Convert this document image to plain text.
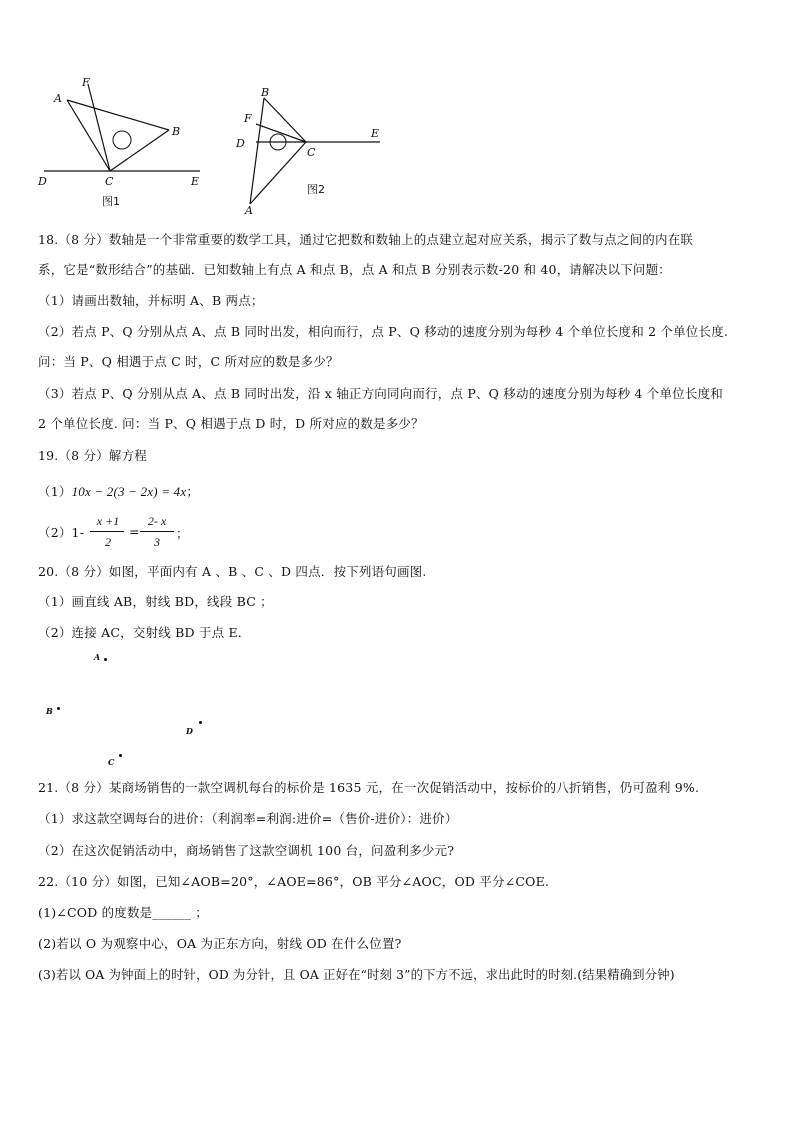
A
F
B
D	C	E
图1
B
F
D
C
E
A
图2
18.（8 分）数轴是一个非常重要的数学工具，通过它把数和数轴上的点建立起对应关系，揭示了数与点之间的内在联
系，它是“数形结合”的基础．已知数轴上有点 A 和点 B，点 A 和点 B 分别表示数-20 和 40，请解决以下问题：
（1）请画出数轴，并标明 A、B 两点；
（2）若点 P、Q 分别从点 A、点 B 同时出发，相向而行，点 P、Q 移动的速度分别为每秒 4 个单位长度和 2 个单位长度.
问：当 P、Q 相遇于点 C 时，C 所对应的数是多少？
（3）若点 P、Q 分别从点 A、点 B 同时出发，沿 x 轴正方向同向而行，点 P、Q 移动的速度分别为每秒 4 个单位长度和
2 个单位长度. 问：当 P、Q 相遇于点 D 时，D 所对应的数是多少？
19.（8 分）解方程
（1）10x − 2(3 − 2x) = 4x；
（2）1-
x +1
2
=
2- x
3
；
20.（8 分）如图，平面内有 A 、B 、C 、D 四点．按下列语句画图.
（1）画直线 AB，射线 BD，线段 BC ；
（2）连接 AC，交射线 BD 于点 E．
A
B
D
C
21.（8 分）某商场销售的一款空调机每台的标价是 1635 元，在一次促销活动中，按标价的八折销售，仍可盈利 9%.
（1）求这款空调每台的进价：（利润率=利润:进价=（售价-进价）：进价）
（2）在这次促销活动中，商场销售了这款空调机 100 台，问盈利多少元?
22.（10 分）如图，已知∠AOB=20°，∠AOE=86°，OB 平分∠AOC，OD 平分∠COE.
(1)∠COD 的度数是______ ；
(2)若以 O 为观察中心，OA 为正东方向，射线 OD 在什么位置?
(3)若以 OA 为钟面上的时针，OD 为分针，且 OA 正好在“时刻 3”的下方不远，求出此时的时刻.(结果精确到分钟)
